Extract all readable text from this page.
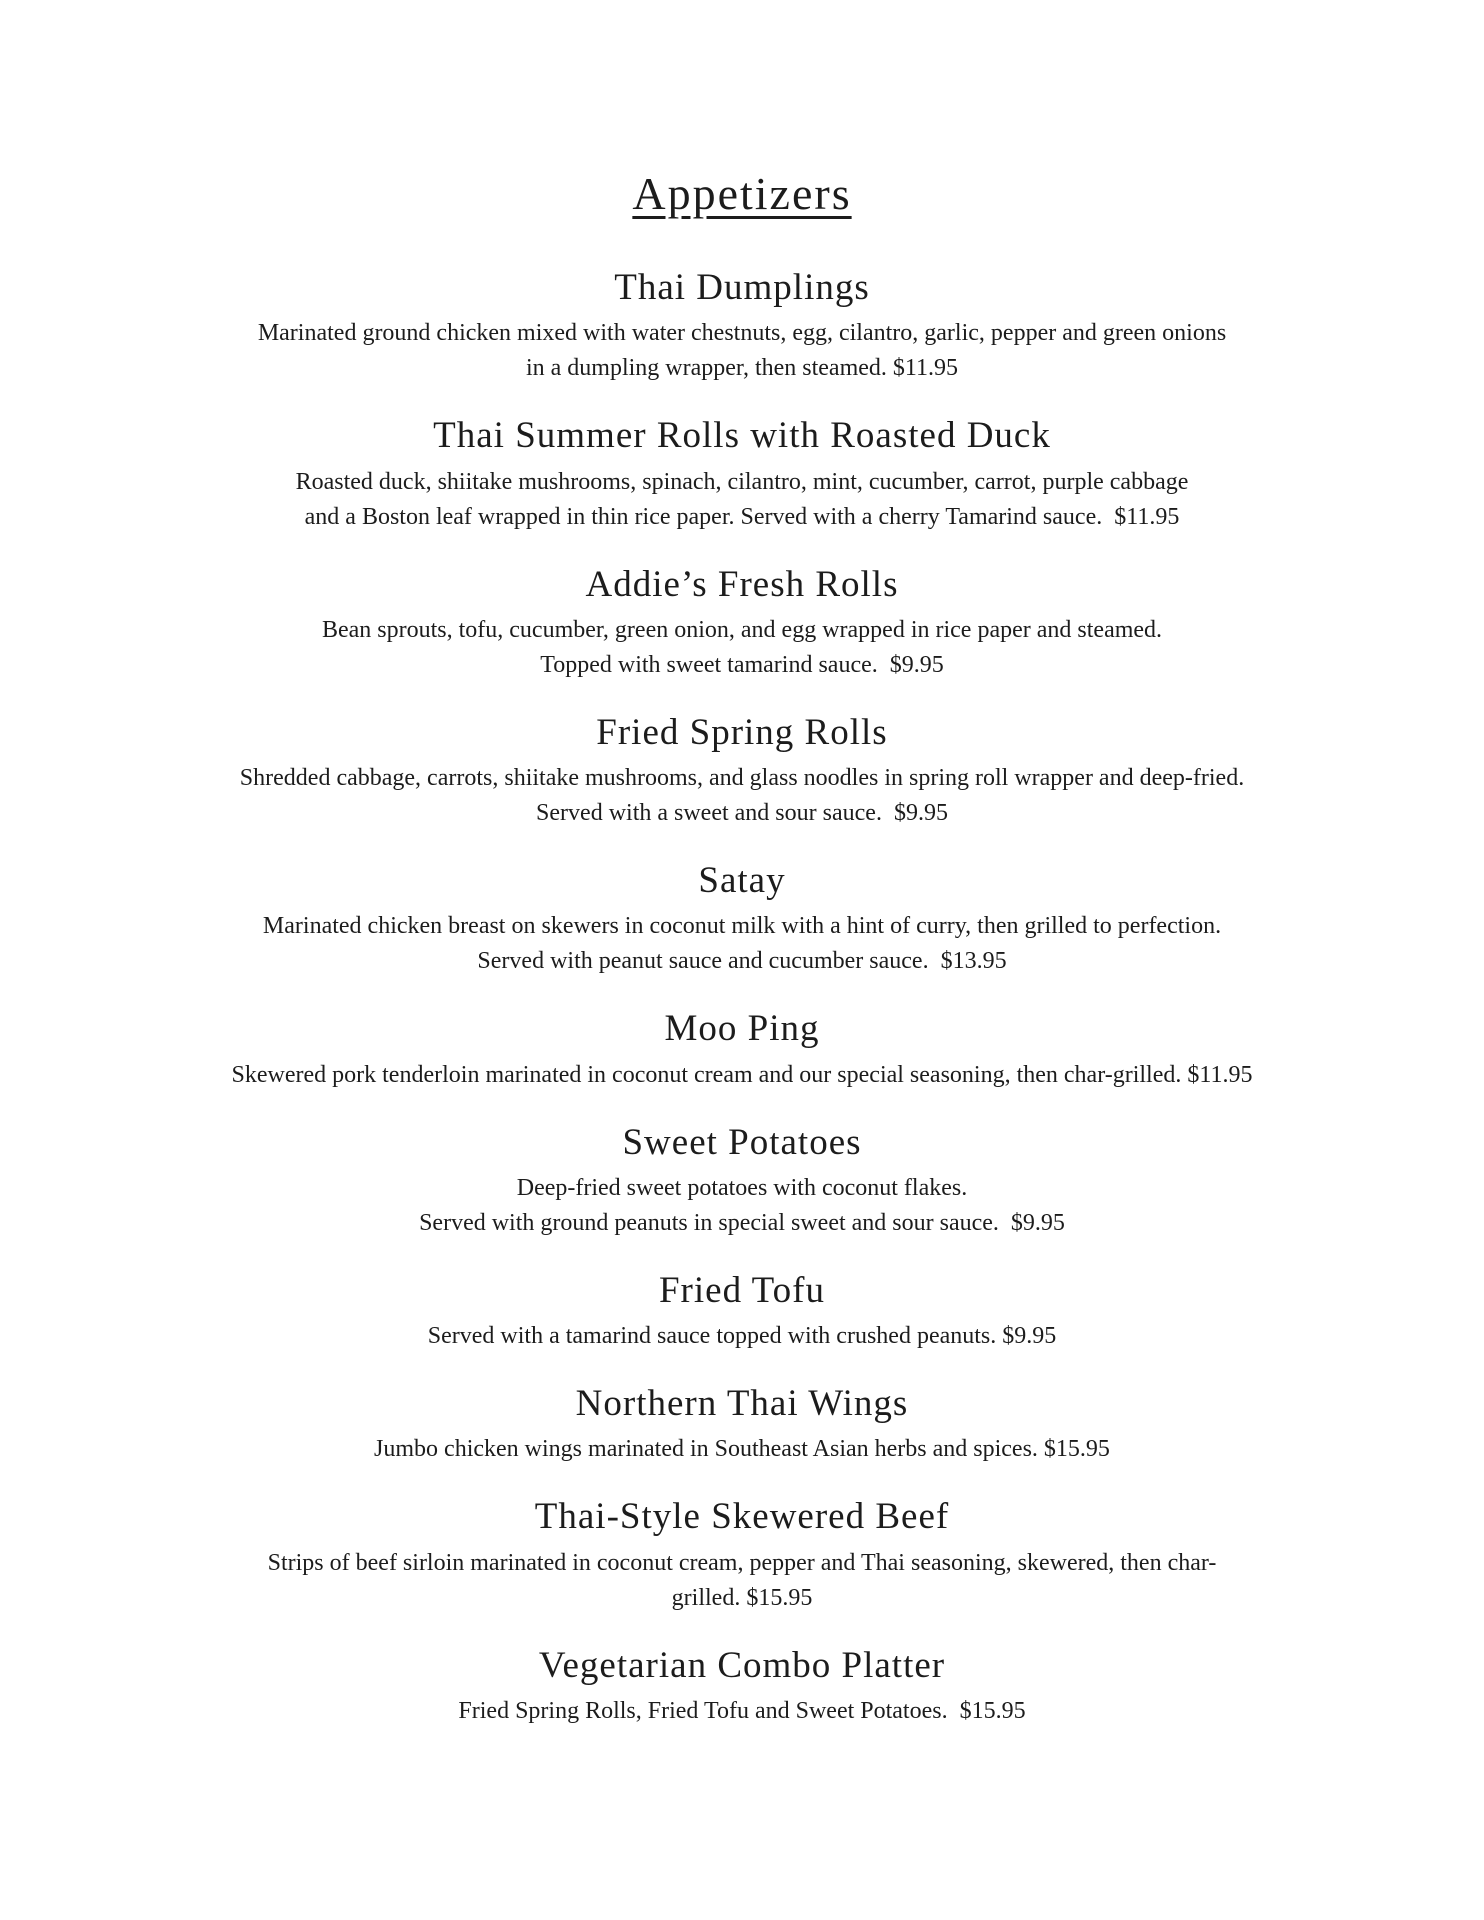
Appetizers
Thai Dumplings

Marinated ground chicken mixed with water chestnuts, egg, cilantro, garlic, pepper and green onions

in a dumpling wrapper, then steamed. $11.95

Thai Summer Rolls with Roasted Duck

Roasted duck, shiitake mushrooms, spinach, cilantro, mint, cucumber, carrot, purple cabbage

and a Boston leaf wrapped in thin rice paper. Served with a cherry Tamarind sauce.  $11.95

Addie’s Fresh Rolls

Bean sprouts, tofu, cucumber, green onion, and egg wrapped in rice paper and steamed.

Topped with sweet tamarind sauce.  $9.95

Fried Spring Rolls

Shredded cabbage, carrots, shiitake mushrooms, and glass noodles in spring roll wrapper and deep-fried.

Served with a sweet and sour sauce.  $9.95

Satay

Marinated chicken breast on skewers in coconut milk with a hint of curry, then grilled to perfection.

Served with peanut sauce and cucumber sauce.  $13.95

Moo Ping

Skewered pork tenderloin marinated in coconut cream and our special seasoning, then char-grilled. $11.95

Sweet Potatoes

Deep-fried sweet potatoes with coconut flakes.

Served with ground peanuts in special sweet and sour sauce.  $9.95

Fried Tofu

Served with a tamarind sauce topped with crushed peanuts. $9.95

Northern Thai Wings

Jumbo chicken wings marinated in Southeast Asian herbs and spices. $15.95

Thai-Style Skewered Beef

Strips of beef sirloin marinated in coconut cream, pepper and Thai seasoning, skewered, then char-

grilled. $15.95

Vegetarian Combo Platter

Fried Spring Rolls, Fried Tofu and Sweet Potatoes.  $15.95
